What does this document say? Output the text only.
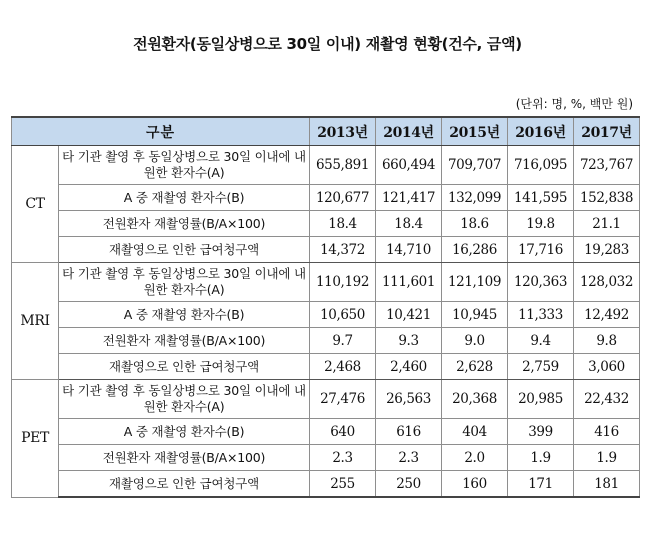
전원환자(동일상병으로 30일 이내) 재촬영 현황(건수, 금액)
(단위: 명, %, 백만 원)
구분		2013년	2014년	2015년	2016년	2017년
CT	타 기관 촬영 후 동일상병으로 30일 이내에 내원한 환자수(A)	655,891	660,494	709,707	716,095	723,767
	A 중 재촬영 환자수(B)	120,677	121,417	132,099	141,595	152,838
	전원환자 재촬영률(B/A×100)	18.4	18.4	18.6	19.8	21.1
	재촬영으로 인한 급여청구액	14,372	14,710	16,286	17,716	19,283
MRI	타 기관 촬영 후 동일상병으로 30일 이내에 내원한 환자수(A)	110,192	111,601	121,109	120,363	128,032
	A 중 재촬영 환자수(B)	10,650	10,421	10,945	11,333	12,492
	전원환자 재촬영률(B/A×100)	9.7	9.3	9.0	9.4	9.8
	재촬영으로 인한 급여청구액	2,468	2,460	2,628	2,759	3,060
PET	타 기관 촬영 후 동일상병으로 30일 이내에 내원한 환자수(A)	27,476	26,563	20,368	20,985	22,432
	A 중 재촬영 환자수(B)	640	616	404	399	416
	전원환자 재촬영률(B/A×100)	2.3	2.3	2.0	1.9	1.9
	재촬영으로 인한 급여청구액	255	250	160	171	181
